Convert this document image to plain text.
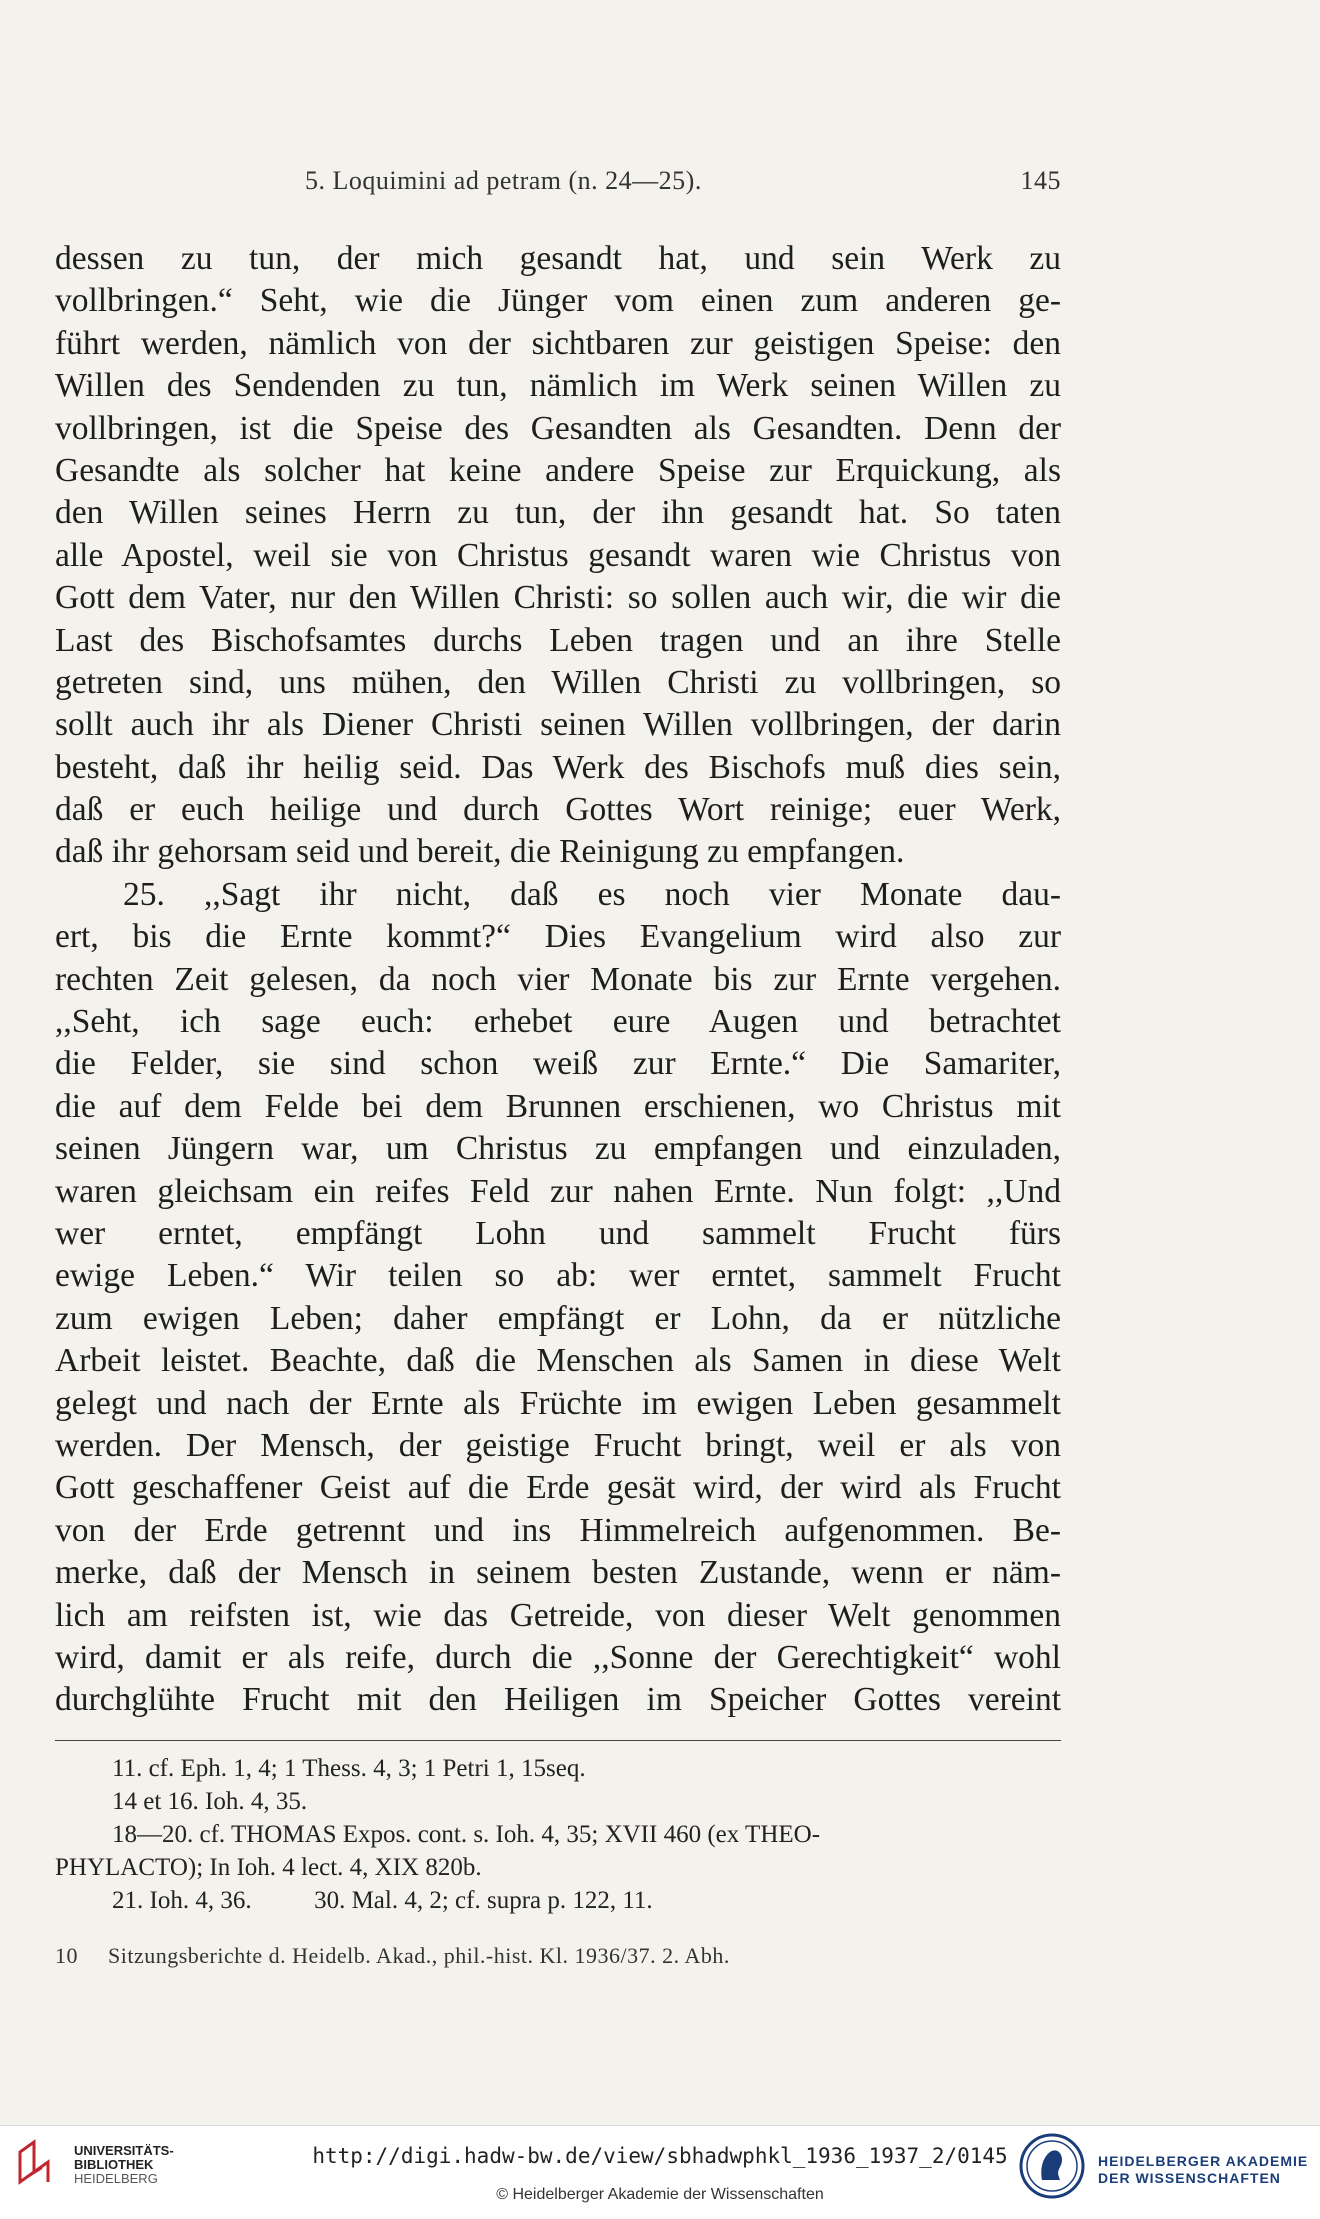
5. Loquimini ad petram (n. 24—25).	145
dessen zu tun, der mich gesandt hat, und sein Werk zu
vollbringen.“ Seht, wie die Jünger vom einen zum anderen ge-
führt werden, nämlich von der sichtbaren zur geistigen Speise: den
Willen des Sendenden zu tun, nämlich im Werk seinen Willen zu
vollbringen, ist die Speise des Gesandten als Gesandten. Denn der
Gesandte als solcher hat keine andere Speise zur Erquickung, als
den Willen seines Herrn zu tun, der ihn gesandt hat. So taten
alle Apostel, weil sie von Christus gesandt waren wie Christus von
Gott dem Vater, nur den Willen Christi: so sollen auch wir, die wir die
Last des Bischofsamtes durchs Leben tragen und an ihre Stelle
getreten sind, uns mühen, den Willen Christi zu vollbringen, so
sollt auch ihr als Diener Christi seinen Willen vollbringen, der darin
besteht, daß ihr heilig seid. Das Werk des Bischofs muß dies sein,
daß er euch heilige und durch Gottes Wort reinige; euer Werk,
daß ihr gehorsam seid und bereit, die Reinigung zu empfangen.
25. ,,Sagt ihr nicht, daß es noch vier Monate dau-
ert, bis die Ernte kommt?“ Dies Evangelium wird also zur
rechten Zeit gelesen, da noch vier Monate bis zur Ernte vergehen.
,,Seht, ich sage euch: erhebet eure Augen und betrachtet
die Felder, sie sind schon weiß zur Ernte.“ Die Samariter,
die auf dem Felde bei dem Brunnen erschienen, wo Christus mit
seinen Jüngern war, um Christus zu empfangen und einzuladen,
waren gleichsam ein reifes Feld zur nahen Ernte. Nun folgt: ,,Und
wer erntet, empfängt Lohn und sammelt Frucht fürs
ewige Leben.“ Wir teilen so ab: wer erntet, sammelt Frucht
zum ewigen Leben; daher empfängt er Lohn, da er nützliche
Arbeit leistet. Beachte, daß die Menschen als Samen in diese Welt
gelegt und nach der Ernte als Früchte im ewigen Leben gesammelt
werden. Der Mensch, der geistige Frucht bringt, weil er als von
Gott geschaffener Geist auf die Erde gesät wird, der wird als Frucht
von der Erde getrennt und ins Himmelreich aufgenommen. Be-
merke, daß der Mensch in seinem besten Zustande, wenn er näm-
lich am reifsten ist, wie das Getreide, von dieser Welt genommen
wird, damit er als reife, durch die ,,Sonne der Gerechtigkeit“ wohl
durchglühte Frucht mit den Heiligen im Speicher Gottes vereint
11. cf. Eph. 1, 4; 1 Thess. 4, 3; 1 Petri 1, 15seq.
14 et 16. Ioh. 4, 35.
18—20. cf. THOMAS Expos. cont. s. Ioh. 4, 35; XVII 460 (ex THEO-
PHYLACTO); In Ioh. 4 lect. 4, XIX 820b.
21. Ioh. 4, 36.          30. Mal. 4, 2; cf. supra p. 122, 11.
10 Sitzungsberichte d. Heidelb. Akad., phil.-hist. Kl. 1936/37. 2. Abh.
UNIVERSITÄTS-
BIBLIOTHEK
HEIDELBERG
http://digi.hadw-bw.de/view/sbhadwphkl_1936_1937_2/0145
© Heidelberger Akademie der Wissenschaften
HEIDELBERGER AKADEMIE
DER WISSENSCHAFTEN
